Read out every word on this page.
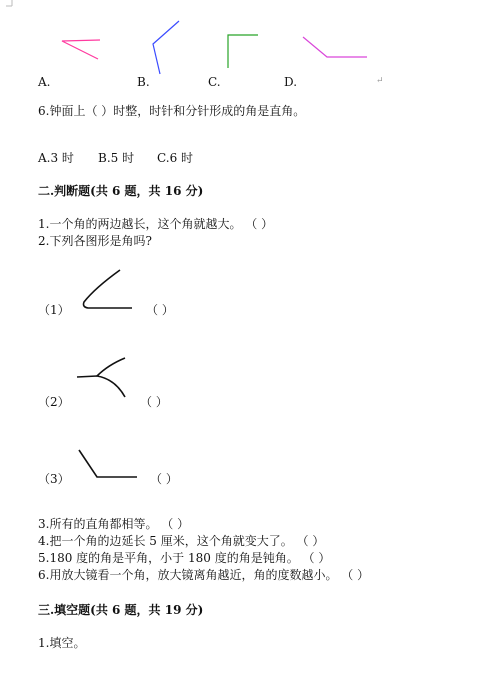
A.	B.	C.	D.	↵
6.钟面上（ ）时整，时针和分针形成的角是直角。
A.3 时 B.5 时 C.6 时
二.判断题(共 6 题，共 16 分)
1.一个角的两边越长，这个角就越大。 （ ）
2.下列各图形是角吗?
（1）	（ ）
（2）	（ ）
（3）	（ ）
3.所有的直角都相等。 （ ）
4.把一个角的边延长 5 厘米，这个角就变大了。 （ ）
5.180 度的角是平角，小于 180 度的角是钝角。 （ ）
6.用放大镜看一个角，放大镜离角越近，角的度数越小。 （ ）
三.填空题(共 6 题，共 19 分)
1.填空。
